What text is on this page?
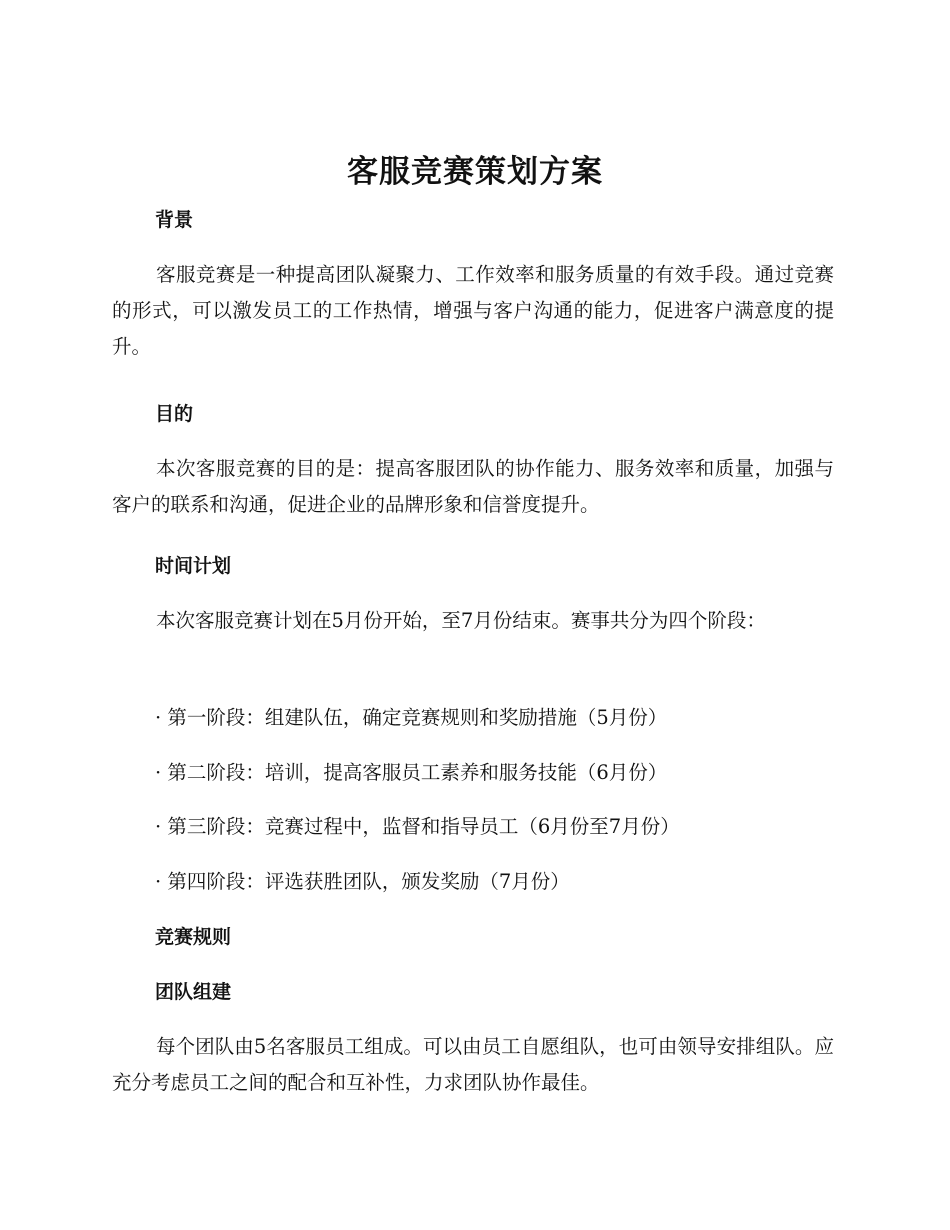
客服竞赛策划方案
背景

客服竞赛是一种提高团队凝聚力、工作效率和服务质量的有效手段。通过竞赛的形式，可以激发员工的工作热情，增强与客户沟通的能力，促进客户满意度的提升。

目的

本次客服竞赛的目的是：提高客服团队的协作能力、服务效率和质量，加强与客户的联系和沟通，促进企业的品牌形象和信誉度提升。

时间计划

本次客服竞赛计划在5月份开始，至7月份结束。赛事共分为四个阶段：

· 第一阶段：组建队伍，确定竞赛规则和奖励措施（5月份）

· 第二阶段：培训，提高客服员工素养和服务技能（6月份）

· 第三阶段：竞赛过程中，监督和指导员工（6月份至7月份）

· 第四阶段：评选获胜团队，颁发奖励（7月份）

竞赛规则
团队组建

每个团队由5名客服员工组成。可以由员工自愿组队，也可由领导安排组队。应充分考虑员工之间的配合和互补性，力求团队协作最佳。
